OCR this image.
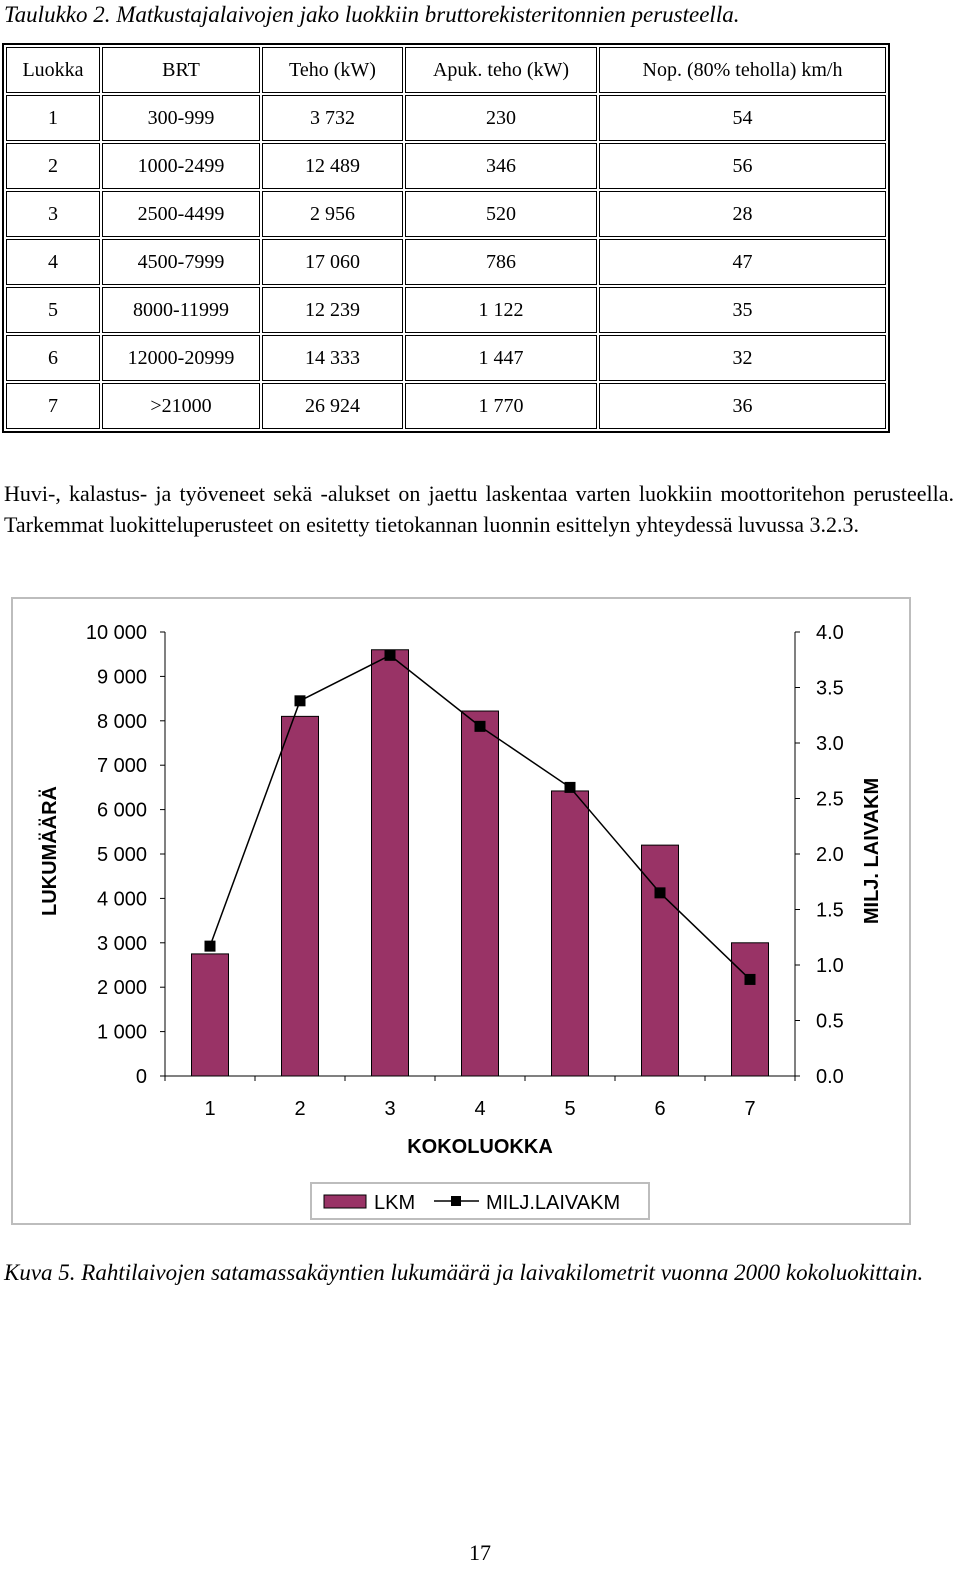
Taulukko 2. Matkustajalaivojen jako luokkiin bruttorekisteritonnien perusteella.
Luokka	BRT	Teho (kW)	Apuk. teho (kW)	Nop. (80% teholla) km/h
1	300-999	3 732	230	54
2	1000-2499	12 489	346	56
3	2500-4499	2 956	520	28
4	4500-7999	17 060	786	47
5	8000-11999	12 239	1 122	35
6	12000-20999	14 333	1 447	32
7	>21000	26 924	1 770	36
Huvi-, kalastus- ja työveneet sekä -alukset on jaettu laskentaa varten luokkiin moottoritehon perusteella. Tarkemmat luokitteluperusteet on esitetty tietokannan luonnin esittelyn yhteydessä luvussa 3.2.3.
0
1 000
2 000
3 000
4 000
5 000
6 000
7 000
8 000
9 000
10 000
0.0
0.5
1.0
1.5
2.0
2.5
3.0
3.5
4.0
1	2	3	4	5	6	7
KOKOLUOKKA
LUKUMÄÄRÄ	MILJ. LAIVAKM
LKM	MILJ.LAIVAKM
Kuva 5. Rahtilaivojen satamassakäyntien lukumäärä ja laivakilometrit vuonna 2000 kokoluokittain.
17
